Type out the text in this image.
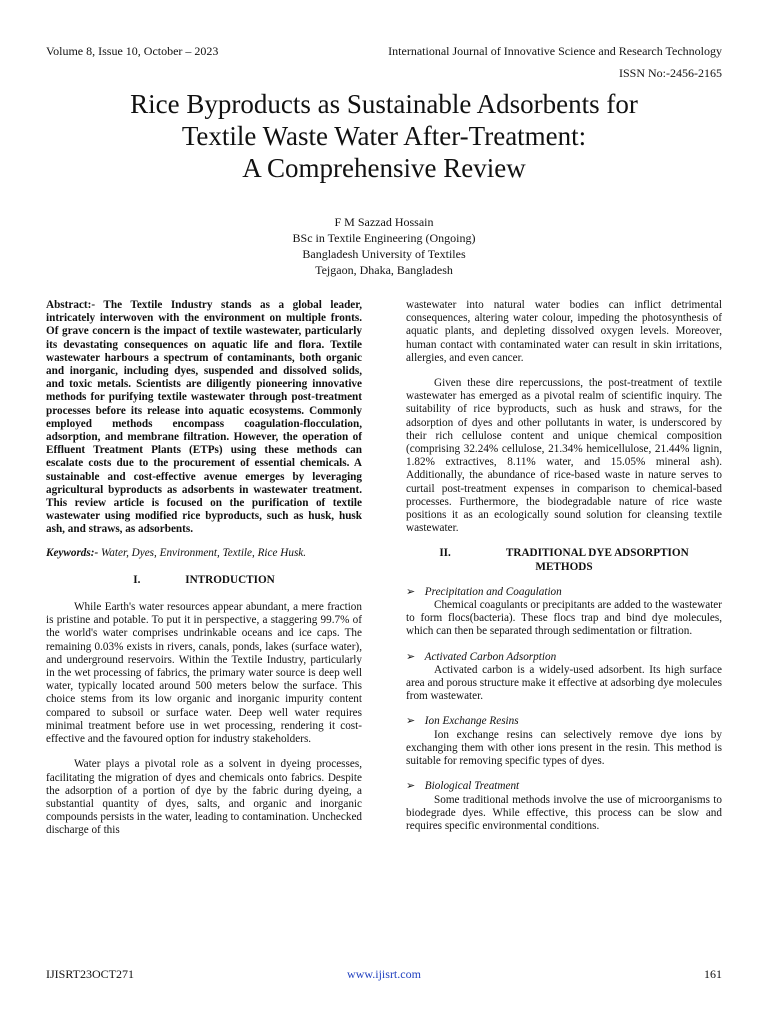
Volume 8, Issue 10, October – 2023	International Journal of Innovative Science and Research Technology
ISSN No:-2456-2165
Rice Byproducts as Sustainable Adsorbents for
Textile Waste Water After-Treatment:
A Comprehensive Review
F M Sazzad Hossain
BSc in Textile Engineering (Ongoing)
Bangladesh University of Textiles
Tejgaon, Dhaka, Bangladesh

Abstract:- The Textile Industry stands as a global leader, intricately interwoven with the environment on multiple fronts. Of grave concern is the impact of textile wastewater, particularly its devastating consequences on aquatic life and flora. Textile wastewater harbours a spectrum of contaminants, both organic and inorganic, including dyes, suspended and dissolved solids, and toxic metals. Scientists are diligently pioneering innovative methods for purifying textile wastewater through post-treatment processes before its release into aquatic ecosystems. Commonly employed methods encompass coagulation-flocculation, adsorption, and membrane filtration. However, the operation of Effluent Treatment Plants (ETPs) using these methods can escalate costs due to the procurement of essential chemicals. A sustainable and cost-effective avenue emerges by leveraging agricultural byproducts as adsorbents in wastewater treatment. This review article is focused on the purification of textile wastewater using modified rice byproducts, such as husk, husk ash, and straws, as adsorbents.

Keywords:- Water, Dyes, Environment, Textile, Rice Husk.

I.	INTRODUCTION

While Earth's water resources appear abundant, a mere fraction is pristine and potable. To put it in perspective, a staggering 99.7% of the world's water comprises undrinkable oceans and ice caps. The remaining 0.03% exists in rivers, canals, ponds, lakes (surface water), and underground reservoirs. Within the Textile Industry, particularly in the wet processing of fabrics, the primary water source is deep well water, typically located around 500 meters below the surface. This choice stems from its low organic and inorganic impurity content compared to subsoil or surface water. Deep well water requires minimal treatment before use in wet processing, rendering it cost-effective and the favoured option for industry stakeholders.

Water plays a pivotal role as a solvent in dyeing processes, facilitating the migration of dyes and chemicals onto fabrics. Despite the adsorption of a portion of dye by the fabric during dyeing, a substantial quantity of dyes, salts, and organic and inorganic compounds persists in the water, leading to contamination. Unchecked discharge of this

wastewater into natural water bodies can inflict detrimental consequences, altering water colour, impeding the photosynthesis of aquatic plants, and depleting dissolved oxygen levels. Moreover, human contact with contaminated water can result in skin irritations, allergies, and even cancer.

Given these dire repercussions, the post-treatment of textile wastewater has emerged as a pivotal realm of scientific inquiry. The suitability of rice byproducts, such as husk and straws, for the adsorption of dyes and other pollutants in water, is underscored by their rich cellulose content and unique chemical composition (comprising 32.24% cellulose, 21.34% hemicellulose, 21.44% lignin, 1.82% extractives, 8.11% water, and 15.05% mineral ash). Additionally, the abundance of rice-based waste in nature serves to curtail post-treatment expenses in comparison to chemical-based processes. Furthermore, the biodegradable nature of rice waste positions it as an ecologically sound solution for cleansing textile wastewater.

II.	TRADITIONAL DYE ADSORPTION
METHODS

➢ Precipitation and Coagulation

Chemical coagulants or precipitants are added to the wastewater to form flocs(bacteria). These flocs trap and bind dye molecules, which can then be separated through sedimentation or filtration.

➢ Activated Carbon Adsorption

Activated carbon is a widely-used adsorbent. Its high surface area and porous structure make it effective at adsorbing dye molecules from wastewater.

➢ Ion Exchange Resins

Ion exchange resins can selectively remove dye ions by exchanging them with other ions present in the resin. This method is suitable for removing specific types of dyes.

➢ Biological Treatment

Some traditional methods involve the use of microorganisms to biodegrade dyes. While effective, this process can be slow and requires specific environmental conditions.

IJISRT23OCT271	www.ijisrt.com	161
